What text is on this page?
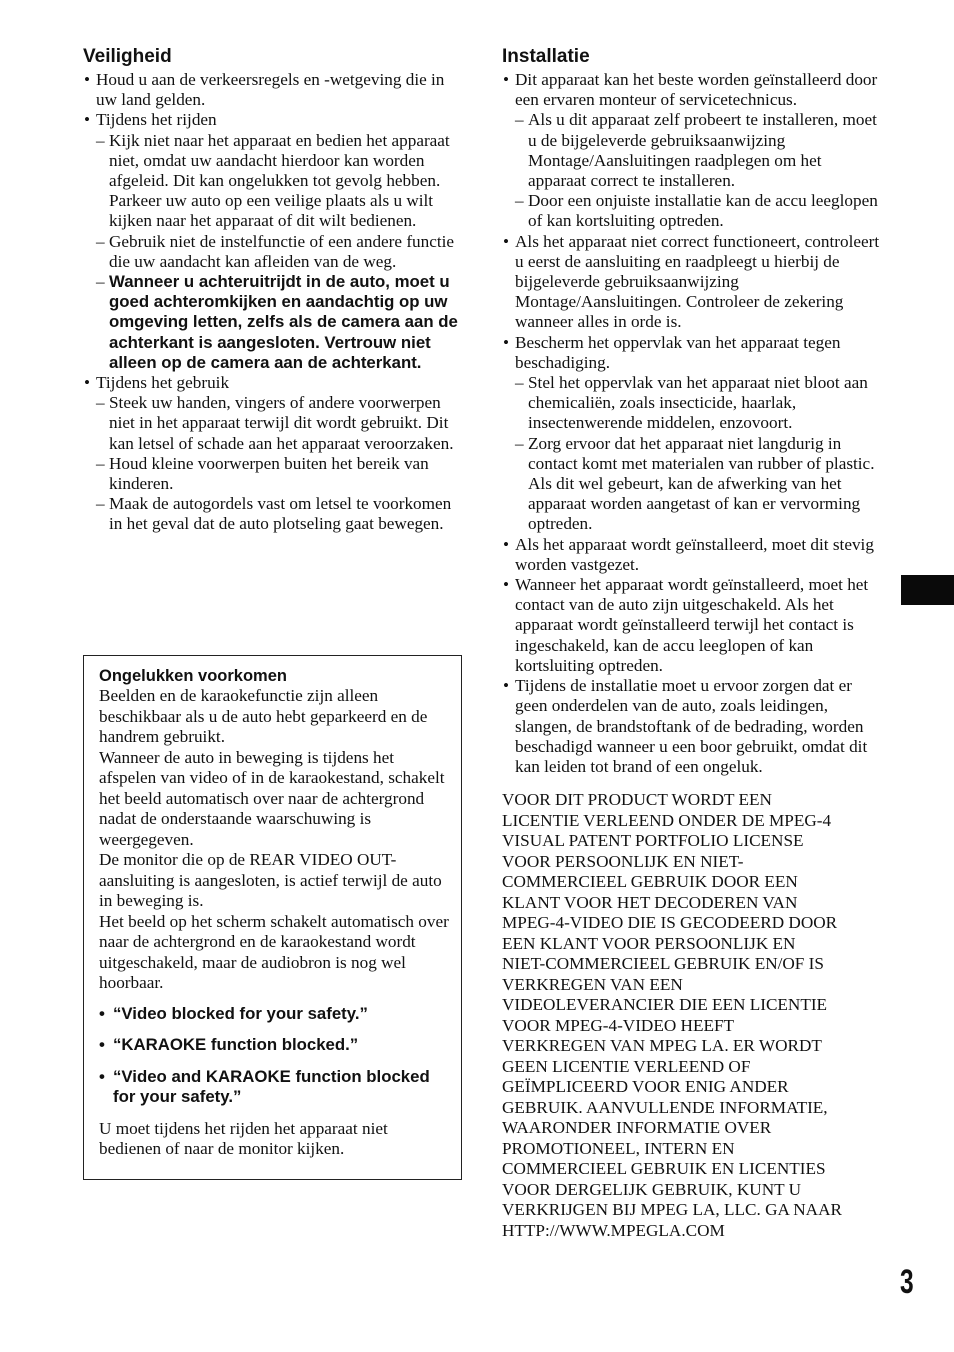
Veiligheid
• Houd u aan de verkeersregels en -wetgeving die in uw land gelden.
• Tijdens het rijden
– Kijk niet naar het apparaat en bedien het apparaat niet, omdat uw aandacht hierdoor kan worden afgeleid. Dit kan ongelukken tot gevolg hebben. Parkeer uw auto op een veilige plaats als u wilt kijken naar het apparaat of dit wilt bedienen.
– Gebruik niet de instelfunctie of een andere functie die uw aandacht kan afleiden van de weg.
– Wanneer u achteruitrijdt in de auto, moet u goed achteromkijken en aandachtig op uw omgeving letten, zelfs als de camera aan de achterkant is aangesloten. Vertrouw niet alleen op de camera aan de achterkant.
• Tijdens het gebruik
– Steek uw handen, vingers of andere voorwerpen niet in het apparaat terwijl dit wordt gebruikt. Dit kan letsel of schade aan het apparaat veroorzaken.
– Houd kleine voorwerpen buiten het bereik van kinderen.
– Maak de autogordels vast om letsel te voorkomen in het geval dat de auto plotseling gaat bewegen.
Ongelukken voorkomen

Beelden en de karaokefunctie zijn alleen beschikbaar als u de auto hebt geparkeerd en de handrem gebruikt.

Wanneer de auto in beweging is tijdens het afspelen van video of in de karaokestand, schakelt het beeld automatisch over naar de achtergrond nadat de onderstaande waarschuwing is weergegeven.

De monitor die op de REAR VIDEO OUT-aansluiting is aangesloten, is actief terwijl de auto in beweging is.

Het beeld op het scherm schakelt automatisch over naar de achtergrond en de karaokestand wordt uitgeschakeld, maar de audiobron is nog wel hoorbaar.

• “Video blocked for your safety.”
• “KARAOKE function blocked.”
• “Video and KARAOKE function blocked for your safety.”

U moet tijdens het rijden het apparaat niet bedienen of naar de monitor kijken.

Installatie
• Dit apparaat kan het beste worden geïnstalleerd door een ervaren monteur of servicetechnicus.
– Als u dit apparaat zelf probeert te installeren, moet u de bijgeleverde gebruiksaanwijzing Montage/Aansluitingen raadplegen om het apparaat correct te installeren.
– Door een onjuiste installatie kan de accu leeglopen of kan kortsluiting optreden.
• Als het apparaat niet correct functioneert, controleert u eerst de aansluiting en raadpleegt u hierbij de bijgeleverde gebruiksaanwijzing Montage/Aansluitingen. Controleer de zekering wanneer alles in orde is.
• Bescherm het oppervlak van het apparaat tegen beschadiging.
– Stel het oppervlak van het apparaat niet bloot aan chemicaliën, zoals insecticide, haarlak, insectenwerende middelen, enzovoort.
– Zorg ervoor dat het apparaat niet langdurig in contact komt met materialen van rubber of plastic. Als dit wel gebeurt, kan de afwerking van het apparaat worden aangetast of kan er vervorming optreden.
• Als het apparaat wordt geïnstalleerd, moet dit stevig worden vastgezet.
• Wanneer het apparaat wordt geïnstalleerd, moet het contact van de auto zijn uitgeschakeld. Als het apparaat wordt geïnstalleerd terwijl het contact is ingeschakeld, kan de accu leeglopen of kan kortsluiting optreden.
• Tijdens de installatie moet u ervoor zorgen dat er geen onderdelen van de auto, zoals leidingen, slangen, de brandstoftank of de bedrading, worden beschadigd wanneer u een boor gebruikt, omdat dit kan leiden tot brand of een ongeluk.
VOOR DIT PRODUCT WORDT EEN
LICENTIE VERLEEND ONDER DE MPEG-4
VISUAL PATENT PORTFOLIO LICENSE
VOOR PERSOONLIJK EN NIET-
COMMERCIEEL GEBRUIK DOOR EEN
KLANT VOOR HET DECODEREN VAN
MPEG-4-VIDEO DIE IS GECODEERD DOOR
EEN KLANT VOOR PERSOONLIJK EN
NIET-COMMERCIEEL GEBRUIK EN/OF IS
VERKREGEN VAN EEN
VIDEOLEVERANCIER DIE EEN LICENTIE
VOOR MPEG-4-VIDEO HEEFT
VERKREGEN VAN MPEG LA. ER WORDT
GEEN LICENTIE VERLEEND OF
GEÏMPLICEERD VOOR ENIG ANDER
GEBRUIK. AANVULLENDE INFORMATIE,
WAARONDER INFORMATIE OVER
PROMOTIONEEL, INTERN EN
COMMERCIEEL GEBRUIK EN LICENTIES
VOOR DERGELIJK GEBRUIK, KUNT U
VERKRIJGEN BIJ MPEG LA, LLC. GA NAAR
HTTP://WWW.MPEGLA.COM
3
